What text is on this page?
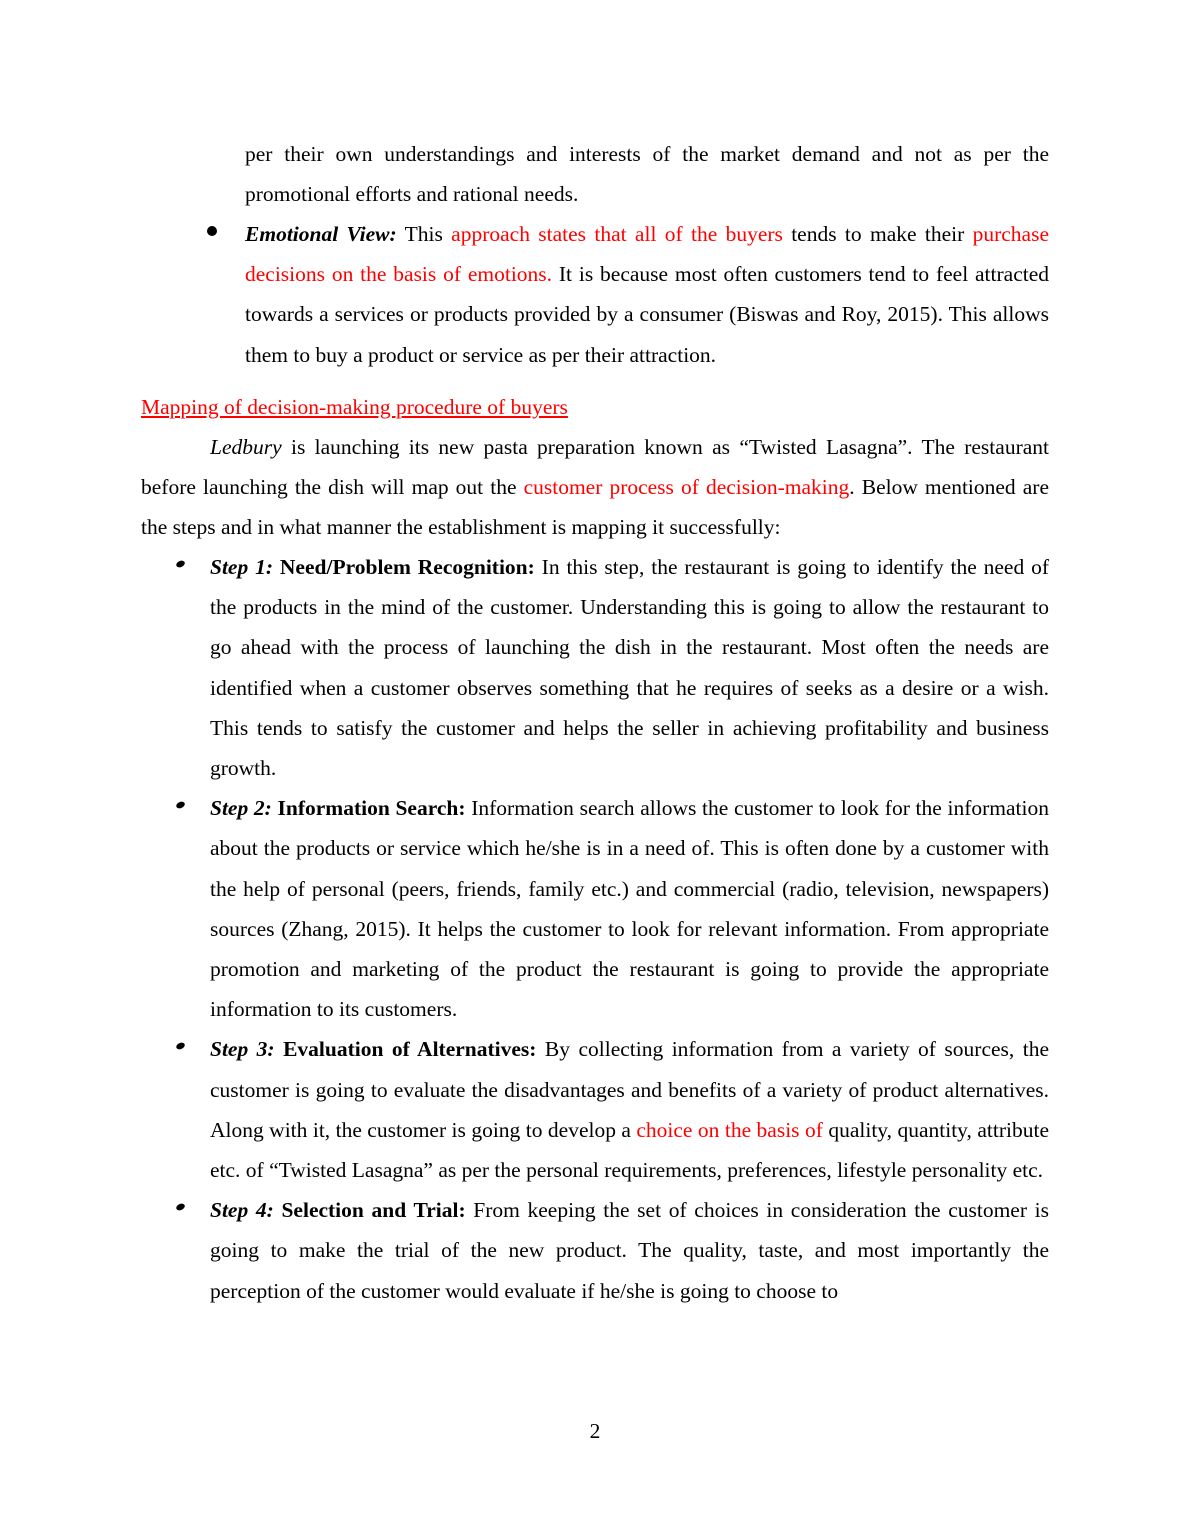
per their own understandings and interests of the market demand and not as per the promotional efforts and rational needs.

Emotional View: This approach states that all of the buyers tends to make their purchase decisions on the basis of emotions. It is because most often customers tend to feel attracted towards a services or products provided by a consumer (Biswas and Roy, 2015). This allows them to buy a product or service as per their attraction.

Mapping of decision-making procedure of buyers

Ledbury is launching its new pasta preparation known as “Twisted Lasagna”. The restaurant before launching the dish will map out the customer process of decision-making. Below mentioned are the steps and in what manner the establishment is mapping it successfully:

Step 1: Need/Problem Recognition: In this step, the restaurant is going to identify the need of the products in the mind of the customer. Understanding this is going to allow the restaurant to go ahead with the process of launching the dish in the restaurant. Most often the needs are identified when a customer observes something that he requires of seeks as a desire or a wish. This tends to satisfy the customer and helps the seller in achieving profitability and business growth.

Step 2: Information Search: Information search allows the customer to look for the information about the products or service which he/she is in a need of. This is often done by a customer with the help of personal (peers, friends, family etc.) and commercial (radio, television, newspapers) sources (Zhang, 2015). It helps the customer to look for relevant information. From appropriate promotion and marketing of the product the restaurant is going to provide the appropriate information to its customers.

Step 3: Evaluation of Alternatives: By collecting information from a variety of sources, the customer is going to evaluate the disadvantages and benefits of a variety of product alternatives. Along with it, the customer is going to develop a choice on the basis of quality, quantity, attribute etc. of “Twisted Lasagna” as per the personal requirements, preferences, lifestyle personality etc.

Step 4: Selection and Trial: From keeping the set of choices in consideration the customer is going to make the trial of the new product. The quality, taste, and most importantly the perception of the customer would evaluate if he/she is going to choose to

2
